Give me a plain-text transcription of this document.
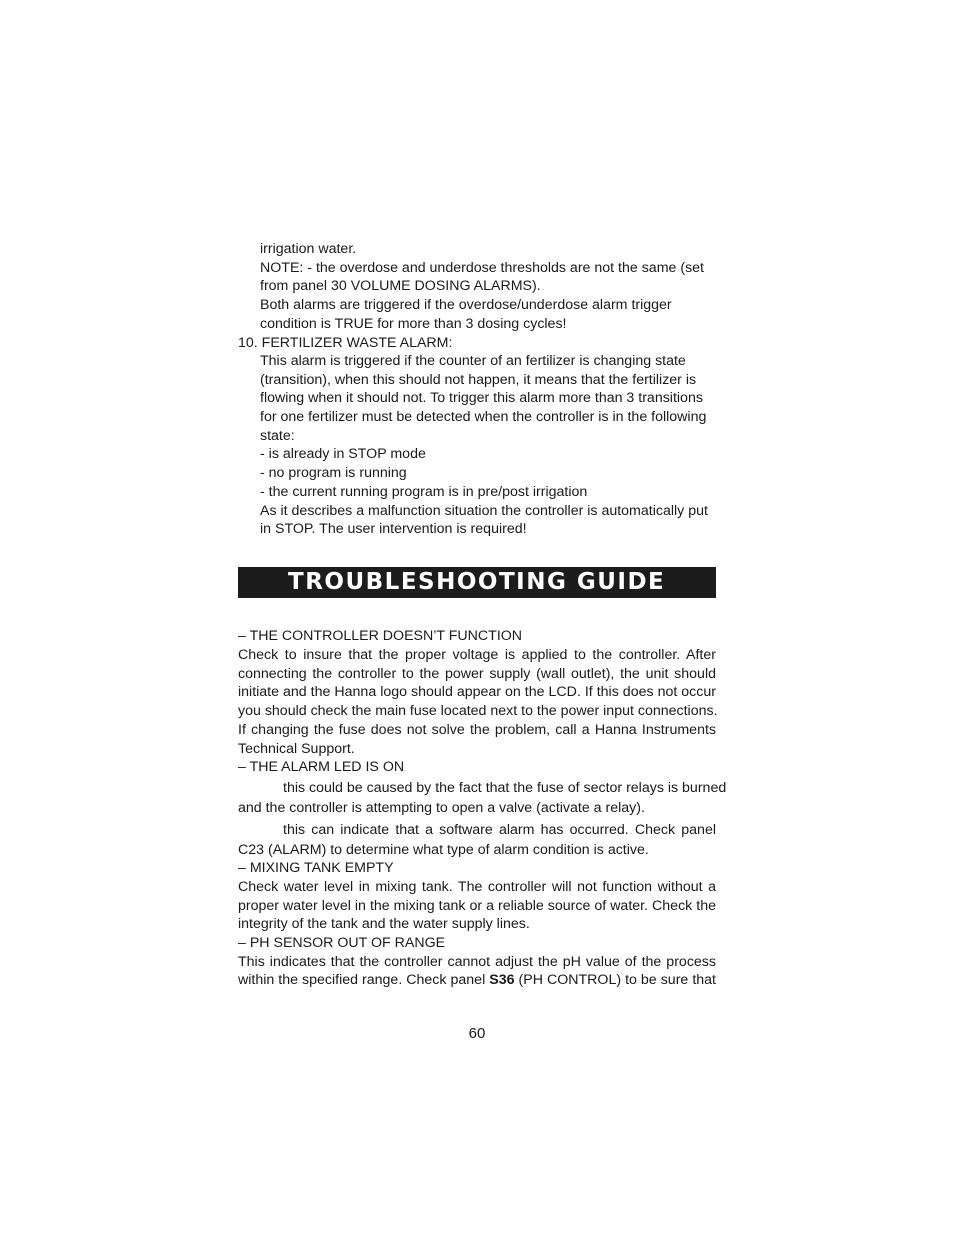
irrigation water.
NOTE: - the overdose and underdose thresholds are not the same (set
from panel 30 VOLUME DOSING ALARMS).
Both alarms are triggered if the overdose/underdose alarm trigger
condition is TRUE for more than 3 dosing cycles!
10. FERTILIZER WASTE ALARM:
This alarm is triggered if the counter of an fertilizer is changing state
(transition), when this should not happen, it means that the fertilizer is
flowing when it should not. To trigger this alarm more than 3 transitions
for one fertilizer must be detected when the controller is in the following
state:
- is already in STOP mode
- no program is running
- the current running program is in pre/post irrigation
As it describes a malfunction situation the controller is automatically put
in STOP. The user intervention is required!
TROUBLESHOOTING GUIDE
– THE CONTROLLER DOESN’T FUNCTION
Check to insure that the proper voltage is applied to the controller. After
connecting the controller to the power supply (wall outlet), the unit should
initiate and the Hanna logo should appear on the LCD. If this does not occur
you should check the main fuse located next to the power input connections.
If changing the fuse does not solve the problem, call a Hanna Instruments
Technical Support.
– THE ALARM LED IS ON
this could be caused by the fact that the fuse of sector relays is burned
and the controller is attempting to open a valve (activate a relay).
this can indicate that a software alarm has occurred. Check panel
C23 (ALARM) to determine what type of alarm condition is active.
– MIXING TANK EMPTY
Check water level in mixing tank. The controller will not function without a
proper water level in the mixing tank or a reliable source of water. Check the
integrity of the tank and the water supply lines.
– PH SENSOR OUT OF RANGE
This indicates that the controller cannot adjust the pH value of the process
within the specified range. Check panel S36 (PH CONTROL) to be sure that
60
